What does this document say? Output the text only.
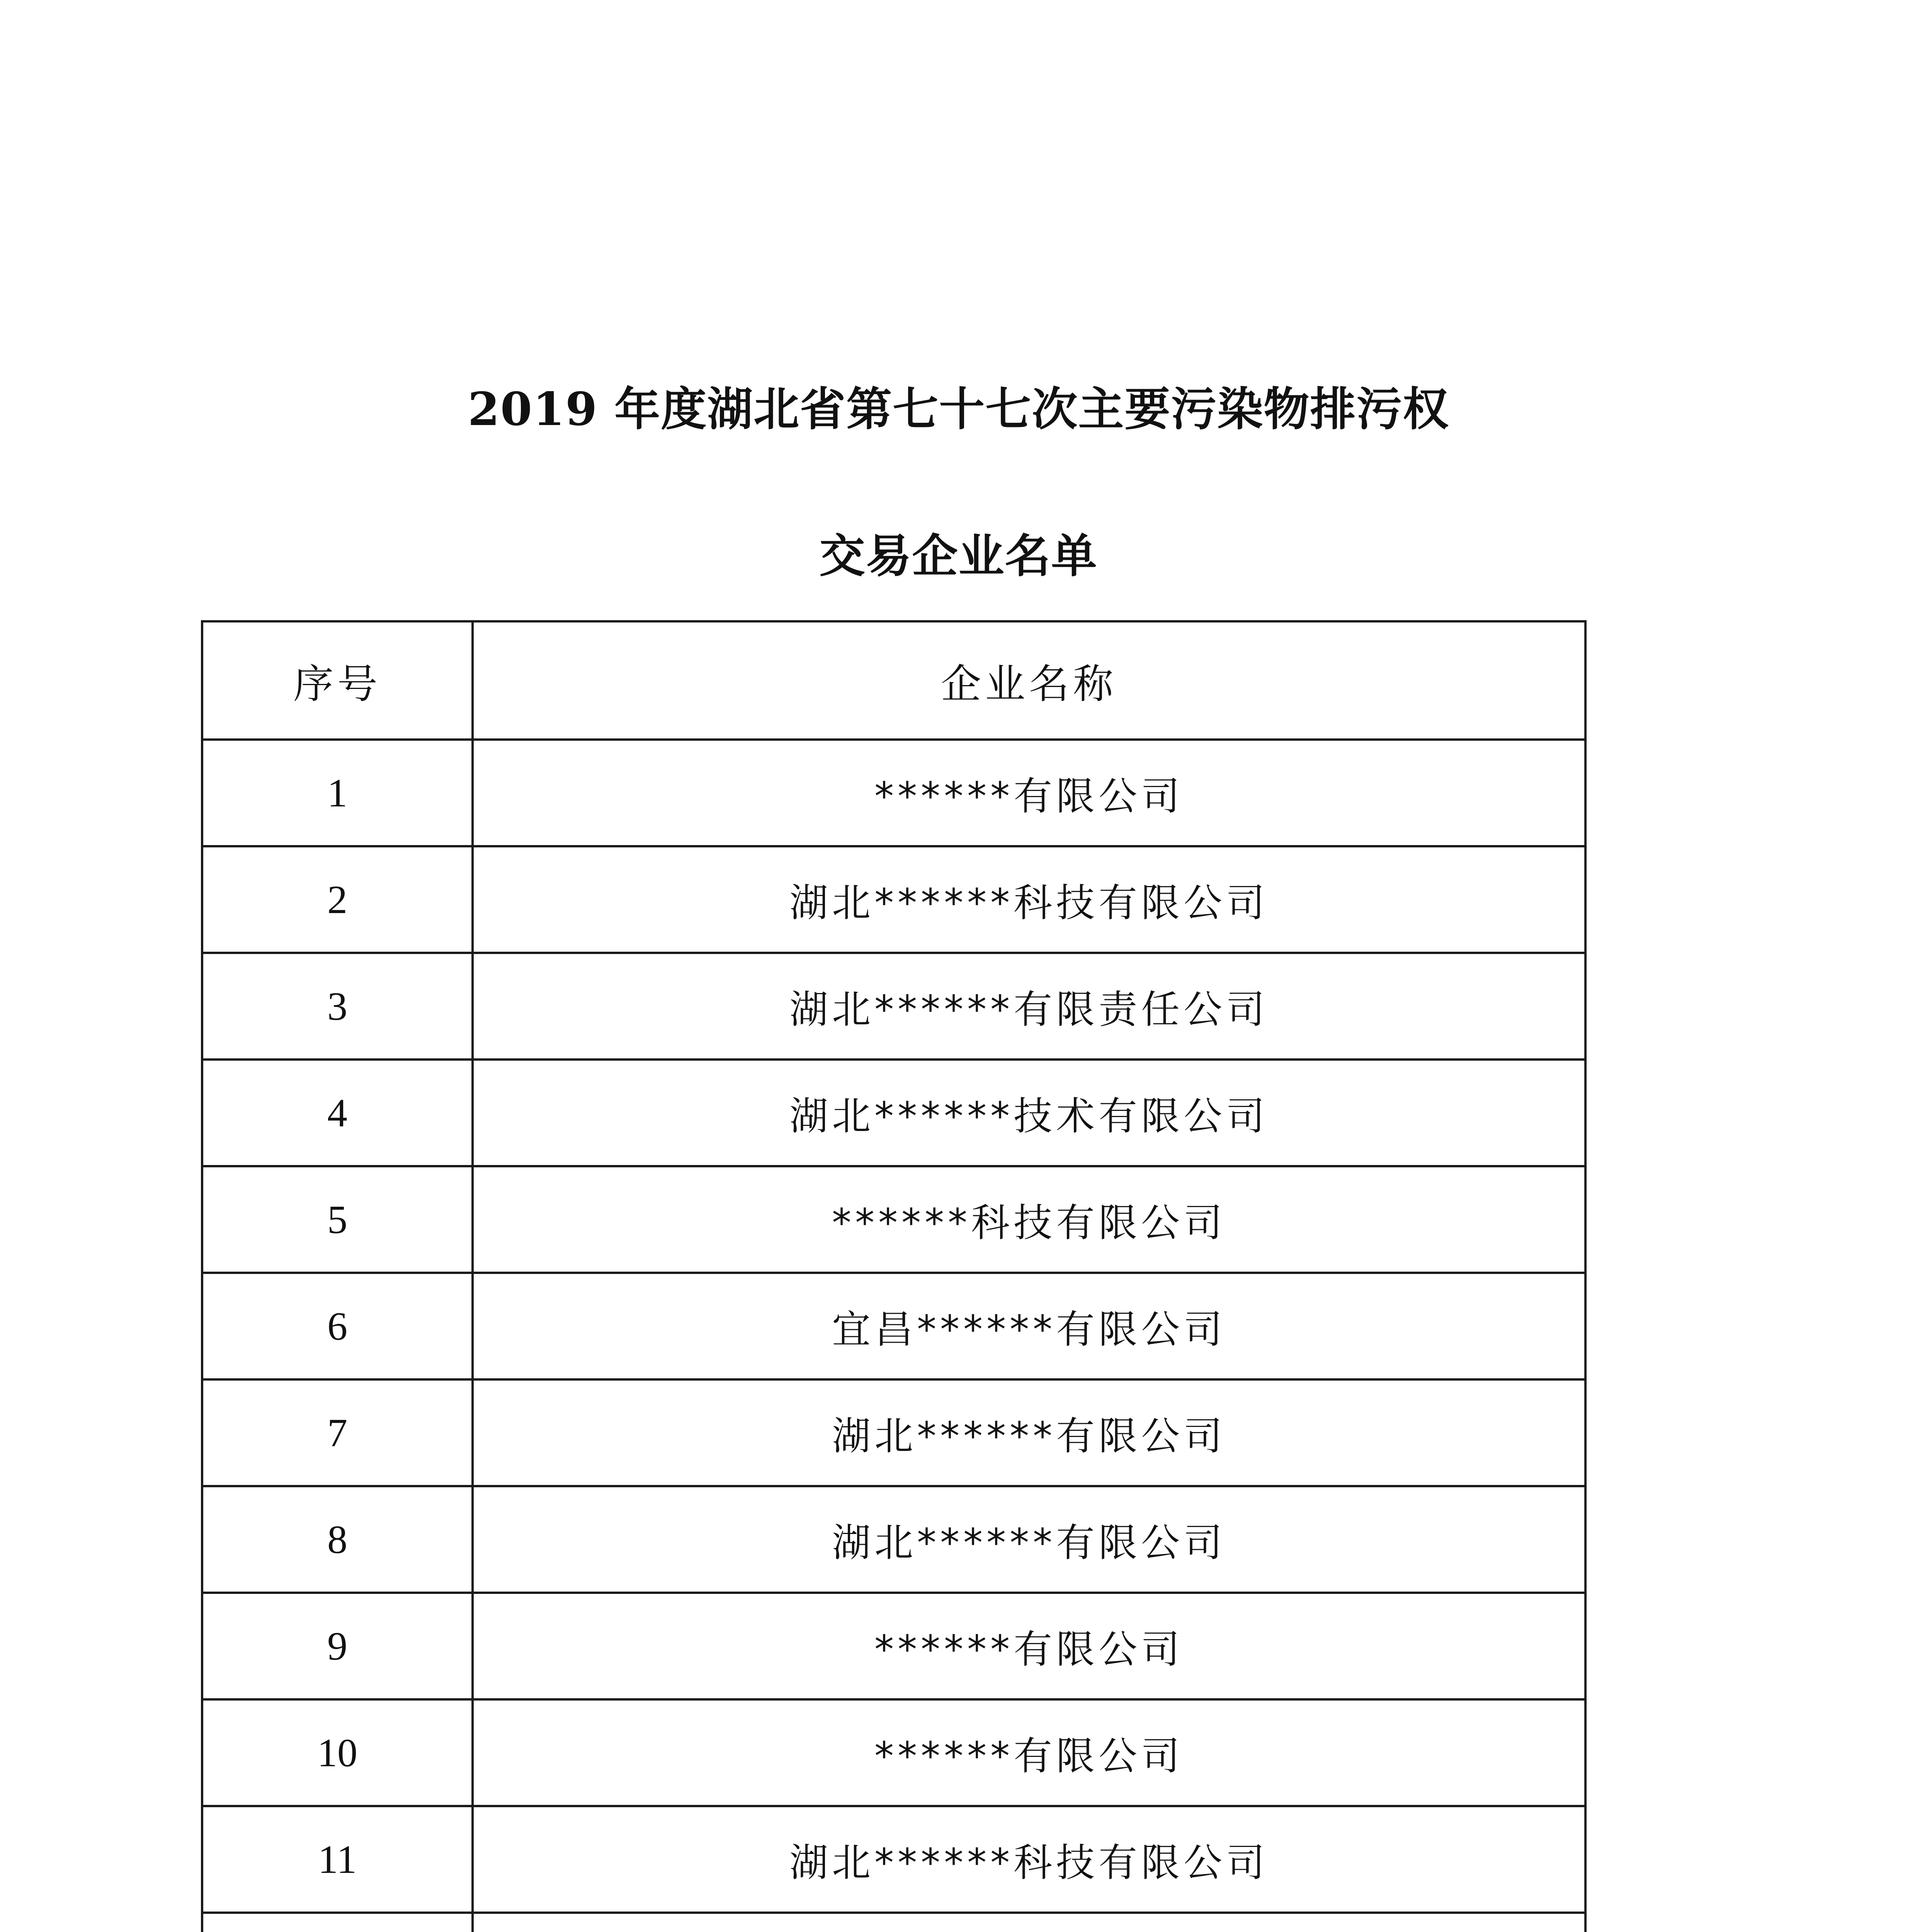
2019 年度湖北省第七十七次主要污染物排污权
交易企业名单
序号	企业名称
1	******有限公司
2	湖北******科技有限公司
3	湖北******有限责任公司
4	湖北******技术有限公司
5	******科技有限公司
6	宜昌******有限公司
7	湖北******有限公司
8	湖北******有限公司
9	******有限公司
10	******有限公司
11	湖北******科技有限公司
